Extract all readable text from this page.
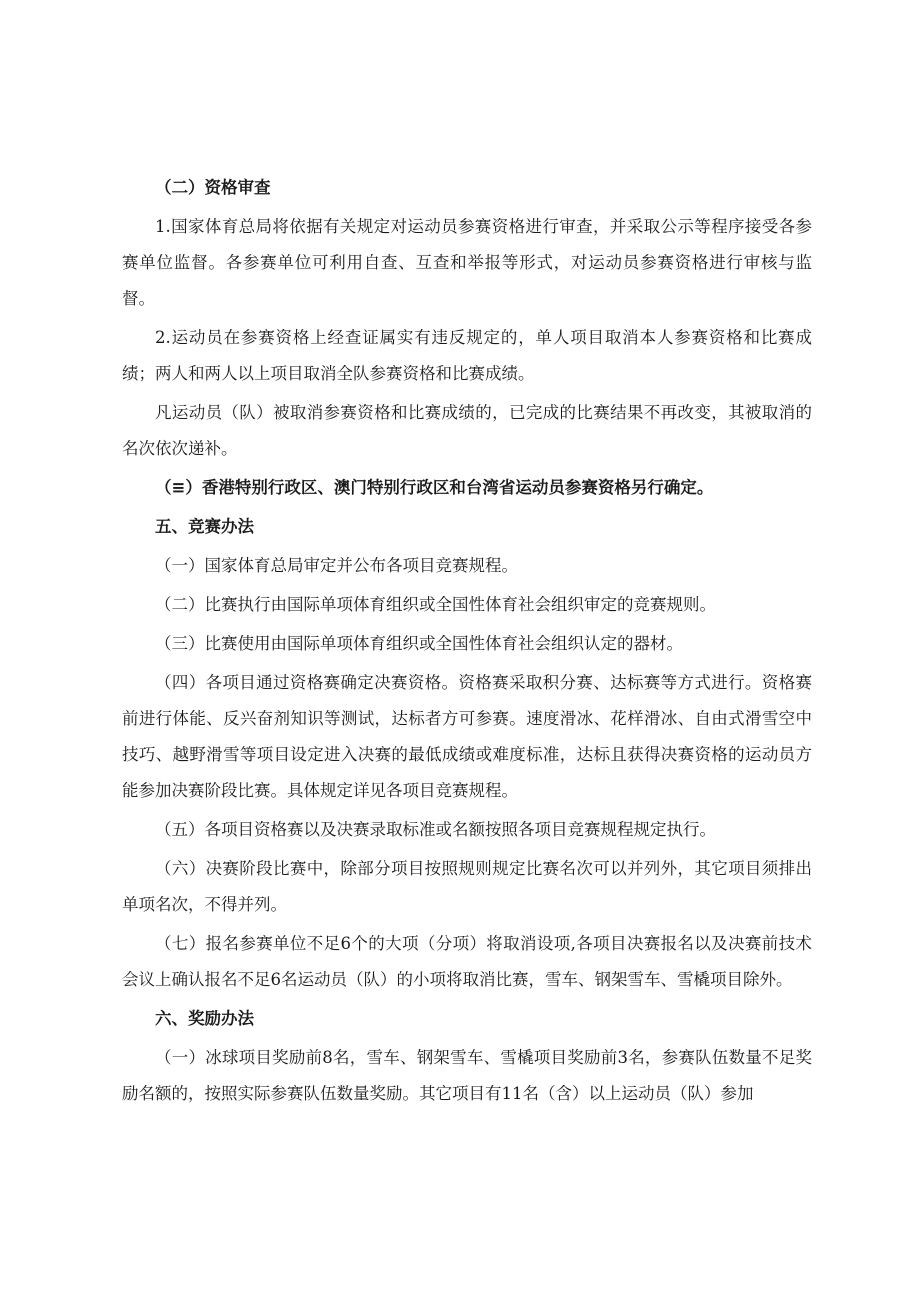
（二）资格审查

1.国家体育总局将依据有关规定对运动员参赛资格进行审查，并采取公示等程序接受各参赛单位监督。各参赛单位可利用自查、互查和举报等形式，对运动员参赛资格进行审核与监督。

2.运动员在参赛资格上经查证属实有违反规定的，单人项目取消本人参赛资格和比赛成绩；两人和两人以上项目取消全队参赛资格和比赛成绩。

凡运动员（队）被取消参赛资格和比赛成绩的，已完成的比赛结果不再改变，其被取消的名次依次递补。

（≡）香港特别行政区、澳门特别行政区和台湾省运动员参赛资格另行确定。

五、竞赛办法

（一）国家体育总局审定并公布各项目竞赛规程。

（二）比赛执行由国际单项体育组织或全国性体育社会组织审定的竞赛规则。

（三）比赛使用由国际单项体育组织或全国性体育社会组织认定的器材。

（四）各项目通过资格赛确定决赛资格。资格赛采取积分赛、达标赛等方式进行。资格赛前进行体能、反兴奋剂知识等测试，达标者方可参赛。速度滑冰、花样滑冰、自由式滑雪空中技巧、越野滑雪等项目设定进入决赛的最低成绩或难度标准，达标且获得决赛资格的运动员方能参加决赛阶段比赛。具体规定详见各项目竞赛规程。

（五）各项目资格赛以及决赛录取标准或名额按照各项目竞赛规程规定执行。

（六）决赛阶段比赛中，除部分项目按照规则规定比赛名次可以并列外，其它项目须排出单项名次，不得并列。

（七）报名参赛单位不足6个的大项（分项）将取消设项,各项目决赛报名以及决赛前技术会议上确认报名不足6名运动员（队）的小项将取消比赛，雪车、钢架雪车、雪橇项目除外。

六、奖励办法

（一）冰球项目奖励前8名，雪车、钢架雪车、雪橇项目奖励前3名，参赛队伍数量不足奖励名额的，按照实际参赛队伍数量奖励。其它项目有11名（含）以上运动员（队）参加
